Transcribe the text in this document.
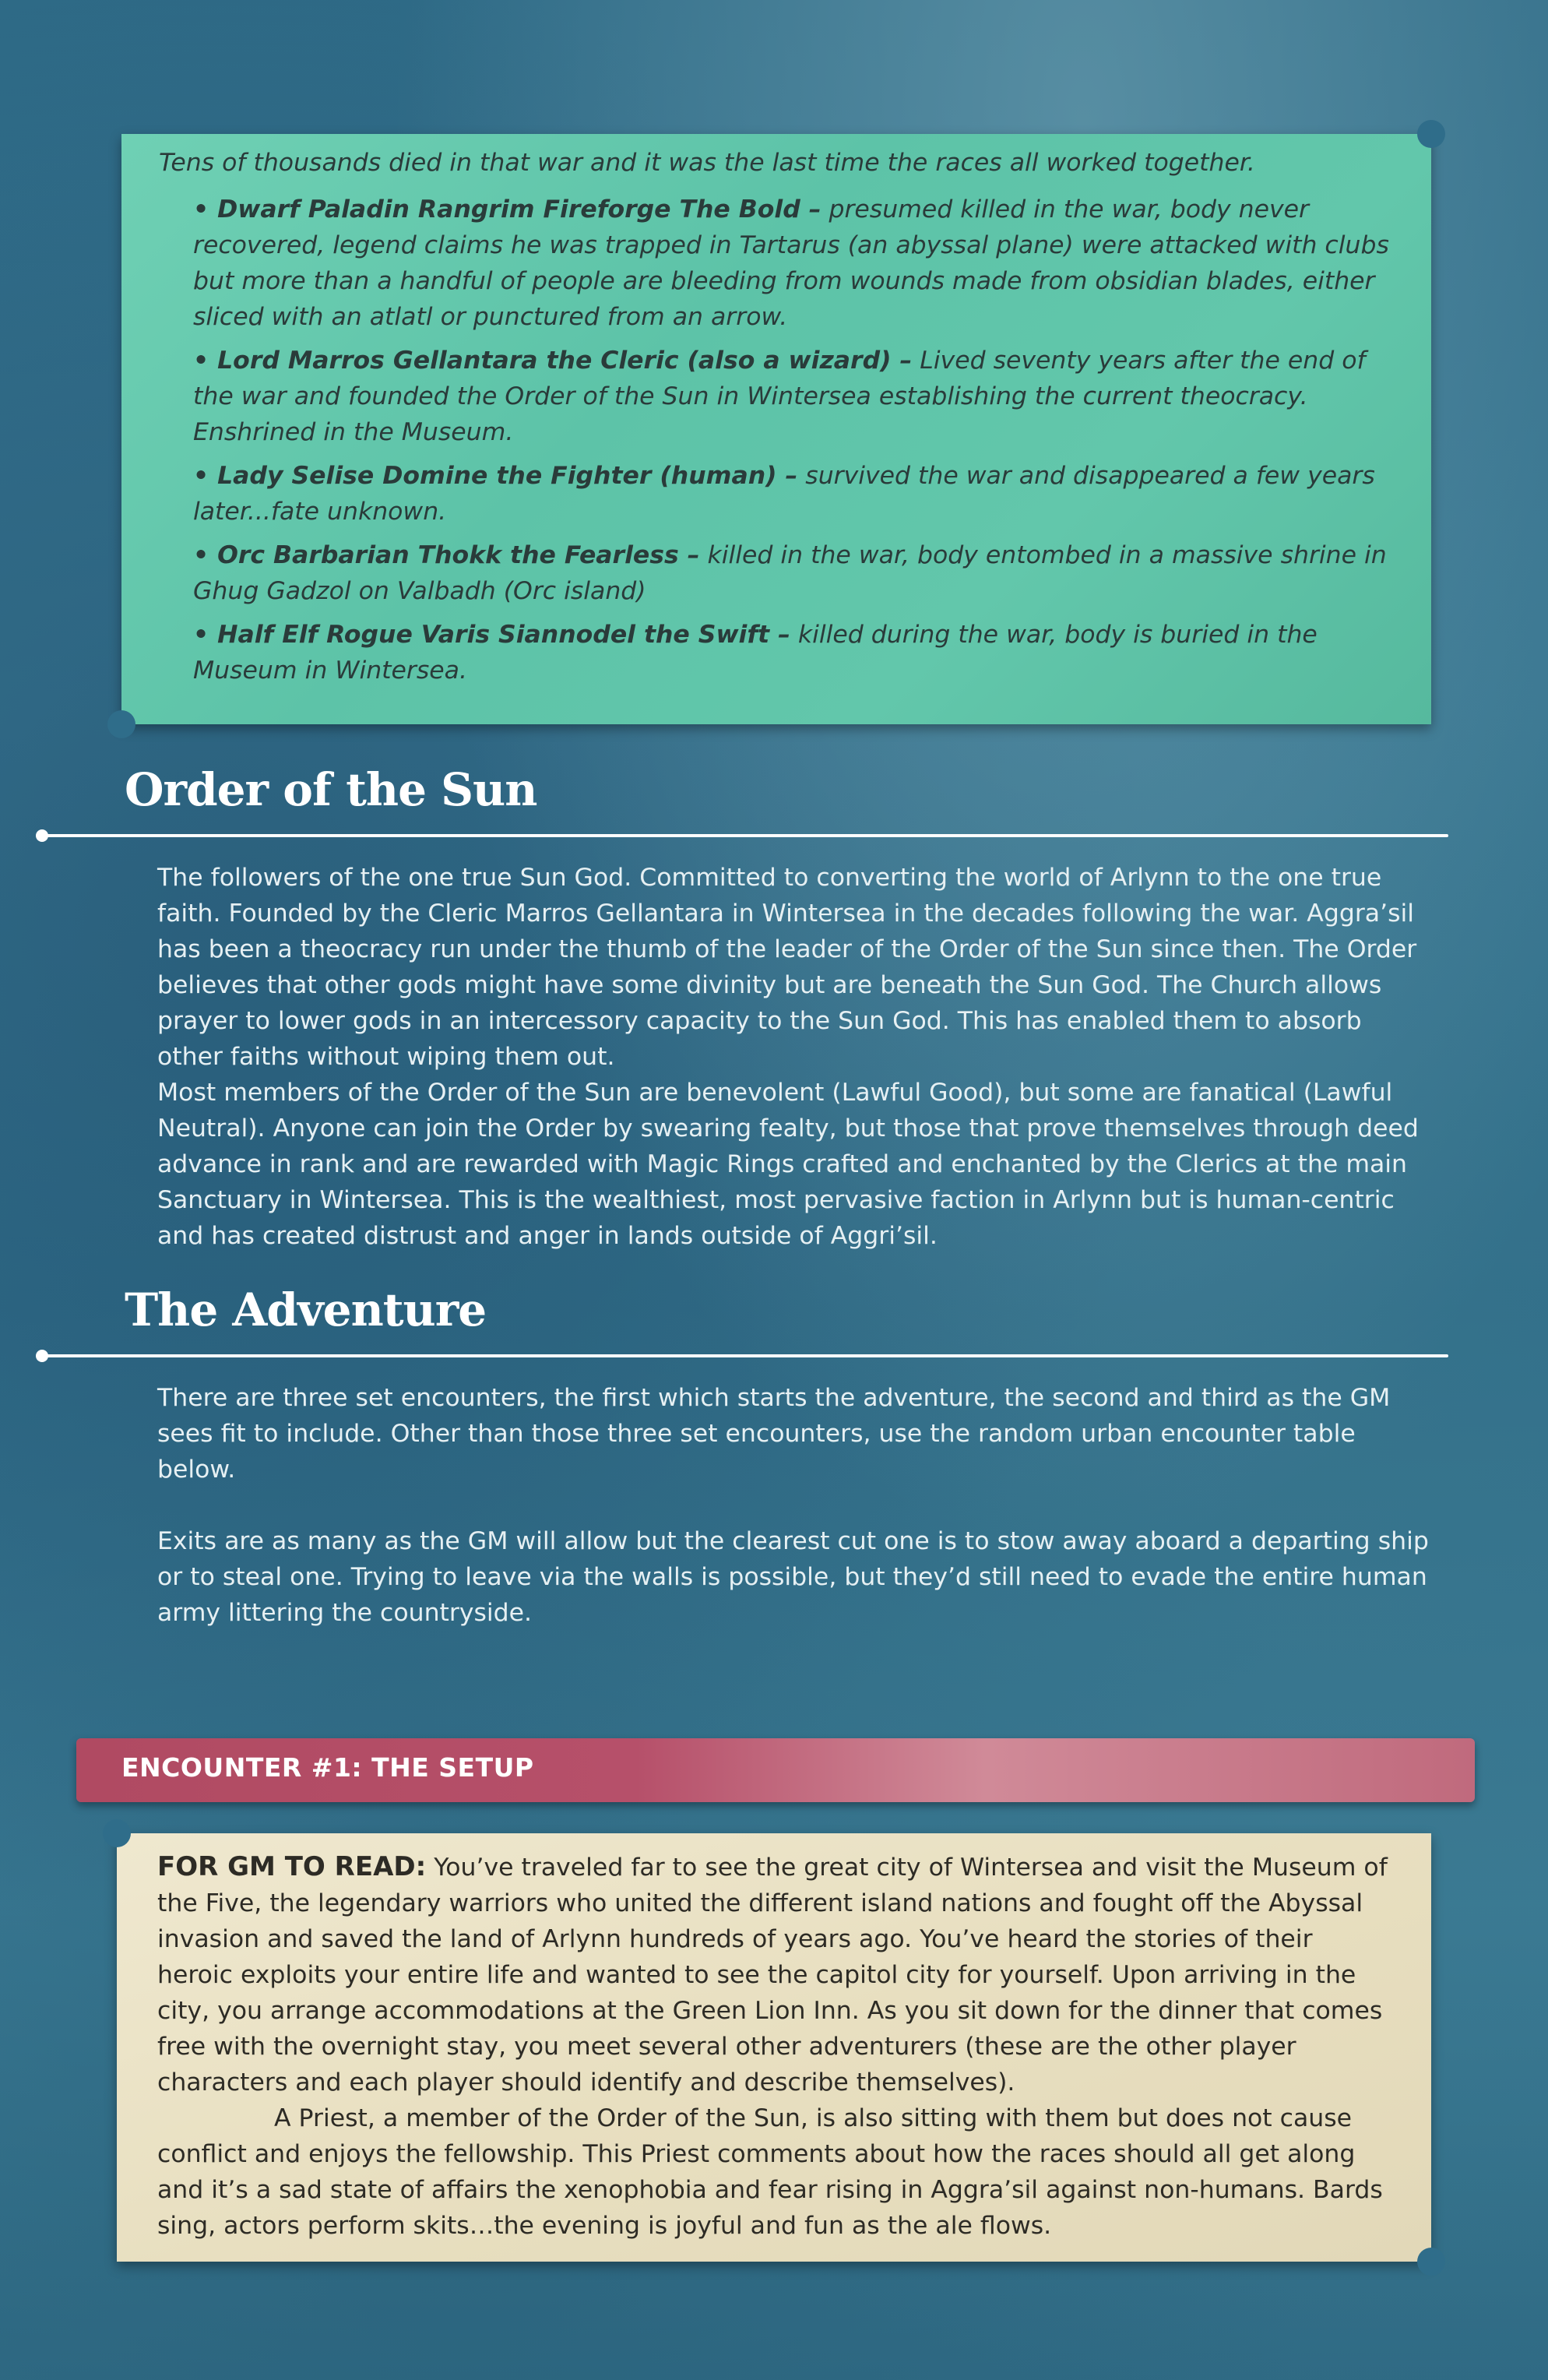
Tens of thousands died in that war and it was the last time the races all worked together.

• Dwarf Paladin Rangrim Fireforge The Bold – presumed killed in the war, body never recovered, legend claims he was trapped in Tartarus (an abyssal plane) were attacked with clubs but more than a handful of people are bleeding from wounds made from obsidian blades, either sliced with an atlatl or punctured from an arrow.

• Lord Marros Gellantara the Cleric (also a wizard) – Lived seventy years after the end of the war and founded the Order of the Sun in Wintersea establishing the current theocracy. Enshrined in the Museum.

• Lady Selise Domine the Fighter (human) – survived the war and disappeared a few years later...fate unknown.

• Orc Barbarian Thokk the Fearless – killed in the war, body entombed in a massive shrine in Ghug Gadzol on Valbadh (Orc island)

• Half Elf Rogue Varis Siannodel the Swift – killed during the war, body is buried in the Museum in Wintersea.

Order of the Sun

The followers of the one true Sun God. Committed to converting the world of Arlynn to the one true faith. Founded by the Cleric Marros Gellantara in Wintersea in the decades following the war. Aggra’sil has been a theocracy run under the thumb of the leader of the Order of the Sun since then. The Order believes that other gods might have some divinity but are beneath the Sun God. The Church allows prayer to lower gods in an intercessory capacity to the Sun God. This has enabled them to absorb other faiths without wiping them out.

Most members of the Order of the Sun are benevolent (Lawful Good), but some are fanatical (Lawful Neutral). Anyone can join the Order by swearing fealty, but those that prove themselves through deed advance in rank and are rewarded with Magic Rings crafted and enchanted by the Clerics at the main Sanctuary in Wintersea. This is the wealthiest, most pervasive faction in Arlynn but is human-centric and has created distrust and anger in lands outside of Aggri’sil.

The Adventure

There are three set encounters, the first which starts the adventure, the second and third as the GM sees fit to include. Other than those three set encounters, use the random urban encounter table below.

Exits are as many as the GM will allow but the clearest cut one is to stow away aboard a departing ship or to steal one. Trying to leave via the walls is possible, but they’d still need to evade the entire human army littering the countryside.

ENCOUNTER #1: THE SETUP

FOR GM TO READ: You’ve traveled far to see the great city of Wintersea and visit the Museum of the Five, the legendary warriors who united the different island nations and fought off the Abyssal invasion and saved the land of Arlynn hundreds of years ago. You’ve heard the stories of their heroic exploits your entire life and wanted to see the capitol city for yourself. Upon arriving in the city, you arrange accommodations at the Green Lion Inn. As you sit down for the dinner that comes free with the overnight stay, you meet several other adventurers (these are the other player characters and each player should identify and describe themselves).

A Priest, a member of the Order of the Sun, is also sitting with them but does not cause conflict and enjoys the fellowship. This Priest comments about how the races should all get along and it’s a sad state of affairs the xenophobia and fear rising in Aggra’sil against non-humans. Bards sing, actors perform skits…the evening is joyful and fun as the ale flows.
